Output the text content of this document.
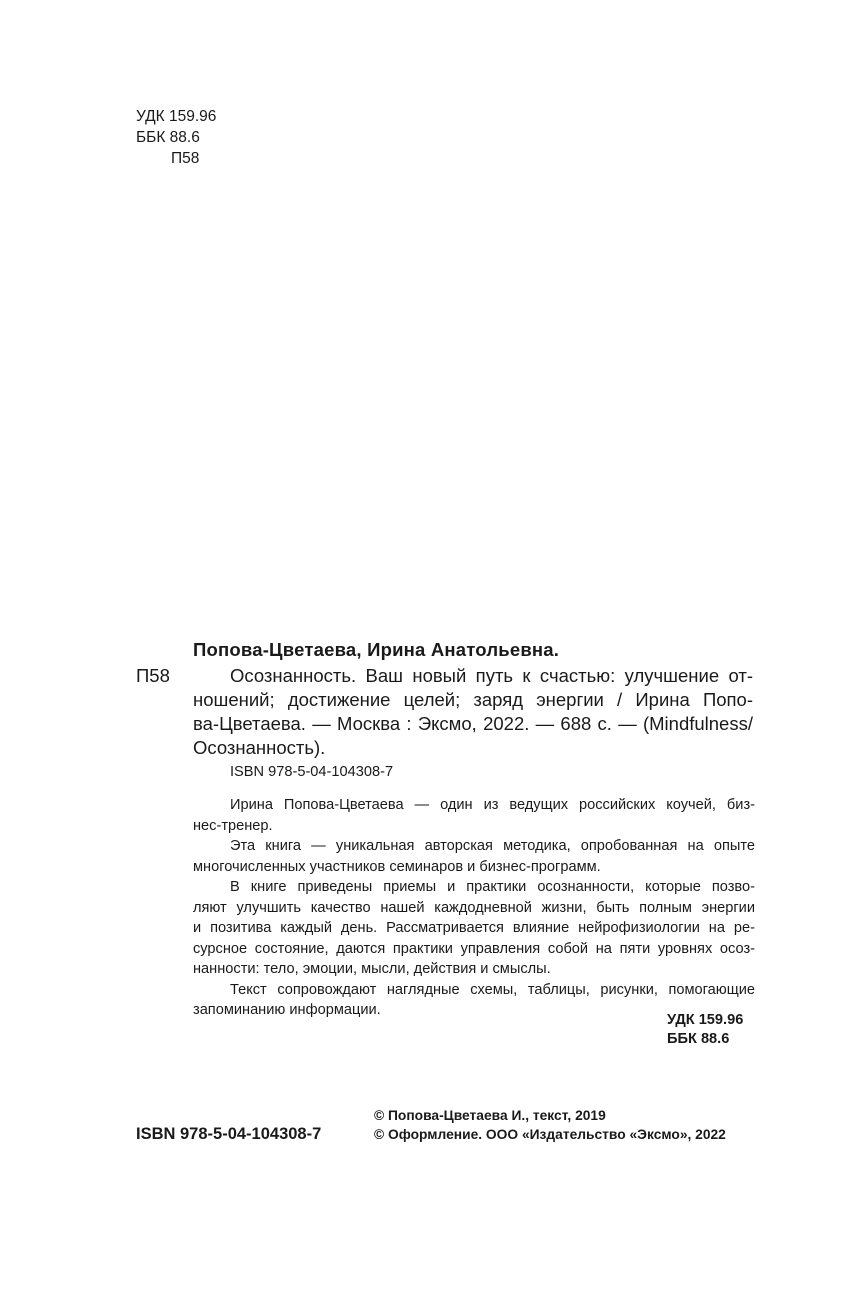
УДК 159.96
ББК 88.6
П58
Попова-Цветаева, Ирина Анатольевна.
П58	Осознанность. Ваш новый путь к счастью: улучшение от-
ношений; достижение целей; заряд энергии / Ирина Попо-
ва-Цветаева. — Москва : Эксмо, 2022. — 688 с. — (Mindfulness/
Осознанность).
ISBN 978-5-04-104308-7
Ирина Попова-Цветаева — один из ведущих российских коучей, биз-
нес-тренер.
Эта книга — уникальная авторская методика, опробованная на опыте
многочисленных участников семинаров и бизнес-программ.
В книге приведены приемы и практики осознанности, которые позво-
ляют улучшить качество нашей каждодневной жизни, быть полным энергии
и позитива каждый день. Рассматривается влияние нейрофизиологии на ре-
сурсное состояние, даются практики управления собой на пяти уровнях осоз-
нанности: тело, эмоции, мысли, действия и смыслы.
Текст сопровождают наглядные схемы, таблицы, рисунки, помогающие
запоминанию информации.
УДК 159.96
ББК 88.6
ISBN 978-5-04-104308-7
© Попова-Цветаева И., текст, 2019
© Оформление. ООО «Издательство «Эксмо», 2022
